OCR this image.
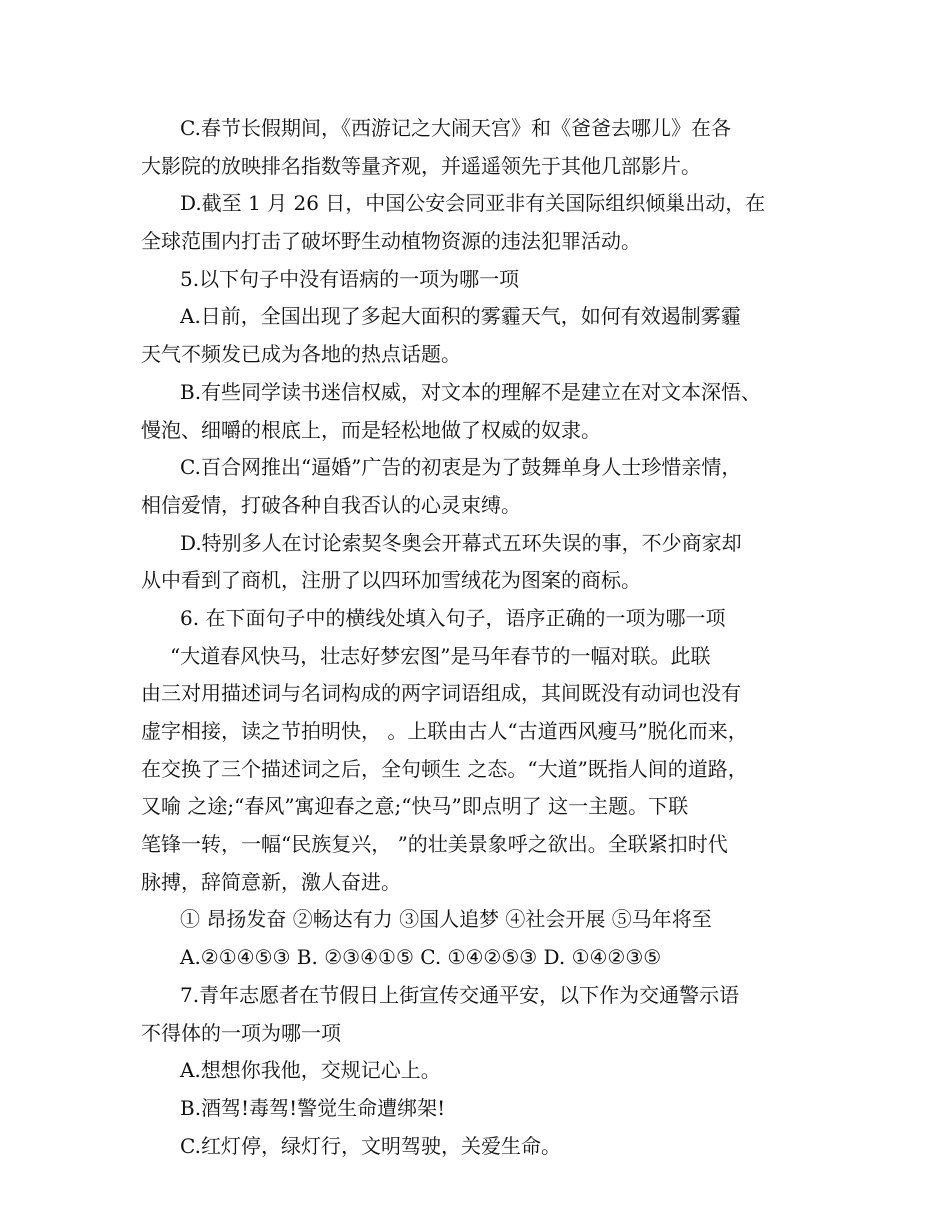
C.春节长假期间，《西游记之大闹天宫》和《爸爸去哪儿》在各
大影院的放映排名指数等量齐观，并遥遥领先于其他几部影片。
D.截至 1 月 26 日，中国公安会同亚非有关国际组织倾巢出动，在
全球范围内打击了破坏野生动植物资源的违法犯罪活动。
5.以下句子中没有语病的一项为哪一项
A.日前，全国出现了多起大面积的雾霾天气，如何有效遏制雾霾
天气不频发已成为各地的热点话题。
B.有些同学读书迷信权威，对文本的理解不是建立在对文本深悟、
慢泡、细嚼的根底上，而是轻松地做了权威的奴隶。
C.百合网推出“逼婚”广告的初衷是为了鼓舞单身人士珍惜亲情，
相信爱情，打破各种自我否认的心灵束缚。
D.特别多人在讨论索契冬奥会开幕式五环失误的事，不少商家却
从中看到了商机，注册了以四环加雪绒花为图案的商标。
6. 在下面句子中的横线处填入句子，语序正确的一项为哪一项
“大道春风快马，壮志好梦宏图”是马年春节的一幅对联。此联
由三对用描述词与名词构成的两字词语组成，其间既没有动词也没有
虚字相接，读之节拍明快， 。上联由古人“古道西风瘦马”脱化而来，
在交换了三个描述词之后，全句顿生 之态。“大道”既指人间的道路，
又喻 之途;“春风”寓迎春之意;“快马”即点明了 这一主题。下联
笔锋一转，一幅“民族复兴， ”的壮美景象呼之欲出。全联紧扣时代
脉搏，辞简意新，激人奋进。
① 昂扬发奋 ②畅达有力 ③国人追梦 ④社会开展 ⑤马年将至
A.②①④⑤③ B. ②③④①⑤ C. ①④②⑤③ D. ①④②③⑤
7.青年志愿者在节假日上街宣传交通平安，以下作为交通警示语
不得体的一项为哪一项
A.想想你我他，交规记心上。
B.酒驾!毒驾!警觉生命遭绑架!
C.红灯停，绿灯行，文明驾驶，关爱生命。
